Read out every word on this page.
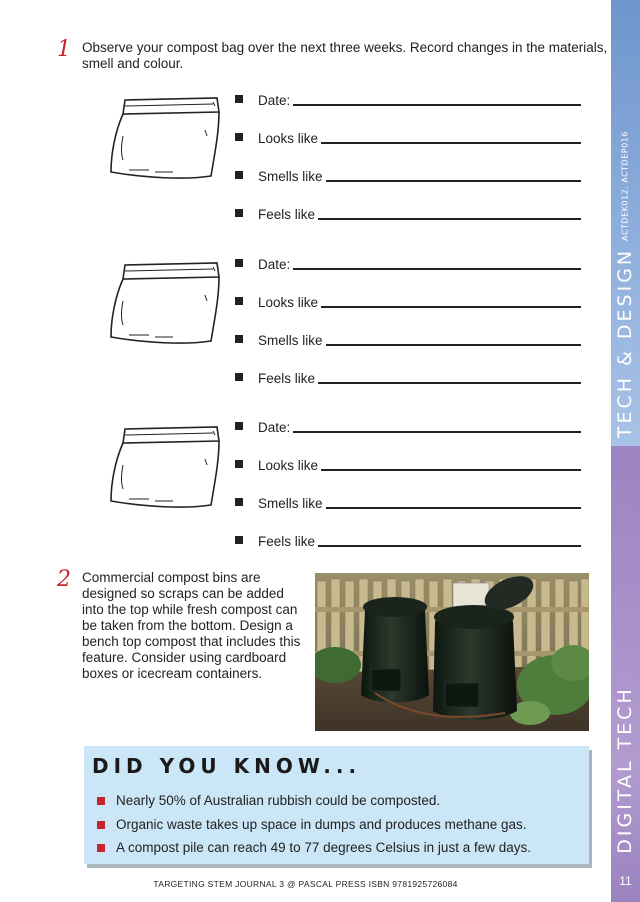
ACTDEK012, ACTDEP016
TECH & DESIGN
DIGITAL TECH
11
1 Observe your compost bag over the next three weeks. Record changes in the materials,
smell and colour.
Date:
Looks like
Smells like
Feels like
Date:
Looks like
Smells like
Feels like
Date:
Looks like
Smells like
Feels like
2 Commercial compost bins are
designed so scraps can be added
into the top while fresh compost can
be taken from the bottom. Design a
bench top compost that includes this
feature. Consider using cardboard
boxes or icecream containers.
DID YOU KNOW...
Nearly 50% of Australian rubbish could be composted.
Organic waste takes up space in dumps and produces methane gas.
A compost pile can reach 49 to 77 degrees Celsius in just a few days.
TARGETING STEM JOURNAL 3 @ PASCAL PRESS ISBN 9781925726084
